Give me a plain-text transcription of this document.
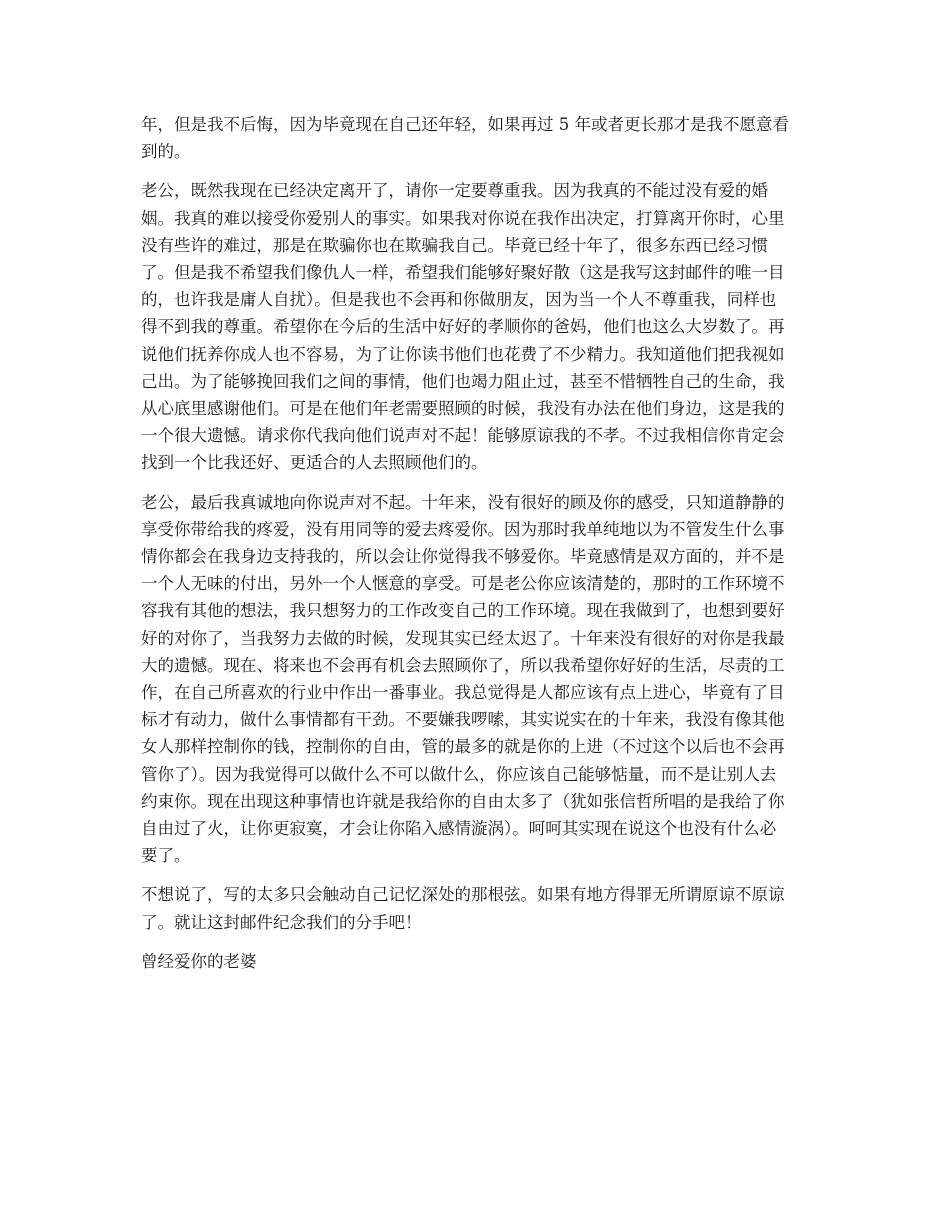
年，但是我不后悔，因为毕竟现在自己还年轻，如果再过 5 年或者更长那才是我不愿意看
到的。

老公，既然我现在已经决定离开了，请你一定要尊重我。因为我真的不能过没有爱的婚
姻。我真的难以接受你爱别人的事实。如果我对你说在我作出决定，打算离开你时，心里
没有些许的难过，那是在欺骗你也在欺骗我自己。毕竟已经十年了，很多东西已经习惯
了。但是我不希望我们像仇人一样，希望我们能够好聚好散（这是我写这封邮件的唯一目
的，也许我是庸人自扰）。但是我也不会再和你做朋友，因为当一个人不尊重我，同样也
得不到我的尊重。希望你在今后的生活中好好的孝顺你的爸妈，他们也这么大岁数了。再
说他们抚养你成人也不容易，为了让你读书他们也花费了不少精力。我知道他们把我视如
己出。为了能够挽回我们之间的事情，他们也竭力阻止过，甚至不惜牺牲自己的生命，我
从心底里感谢他们。可是在他们年老需要照顾的时候，我没有办法在他们身边，这是我的
一个很大遗憾。请求你代我向他们说声对不起！能够原谅我的不孝。不过我相信你肯定会
找到一个比我还好、更适合的人去照顾他们的。

老公，最后我真诚地向你说声对不起。十年来，没有很好的顾及你的感受，只知道静静的
享受你带给我的疼爱，没有用同等的爱去疼爱你。因为那时我单纯地以为不管发生什么事
情你都会在我身边支持我的，所以会让你觉得我不够爱你。毕竟感情是双方面的，并不是
一个人无味的付出，另外一个人惬意的享受。可是老公你应该清楚的，那时的工作环境不
容我有其他的想法，我只想努力的工作改变自己的工作环境。现在我做到了，也想到要好
好的对你了，当我努力去做的时候，发现其实已经太迟了。十年来没有很好的对你是我最
大的遗憾。现在、将来也不会再有机会去照顾你了，所以我希望你好好的生活，尽责的工
作，在自己所喜欢的行业中作出一番事业。我总觉得是人都应该有点上进心，毕竟有了目
标才有动力，做什么事情都有干劲。不要嫌我啰嗦，其实说实在的十年来，我没有像其他
女人那样控制你的钱，控制你的自由，管的最多的就是你的上进（不过这个以后也不会再
管你了）。因为我觉得可以做什么不可以做什么，你应该自己能够惦量，而不是让别人去
约束你。现在出现这种事情也许就是我给你的自由太多了（犹如张信哲所唱的是我给了你
自由过了火，让你更寂寞，才会让你陷入感情漩涡）。呵呵其实现在说这个也没有什么必
要了。

不想说了，写的太多只会触动自己记忆深处的那根弦。如果有地方得罪无所谓原谅不原谅
了。就让这封邮件纪念我们的分手吧！

曾经爱你的老婆
